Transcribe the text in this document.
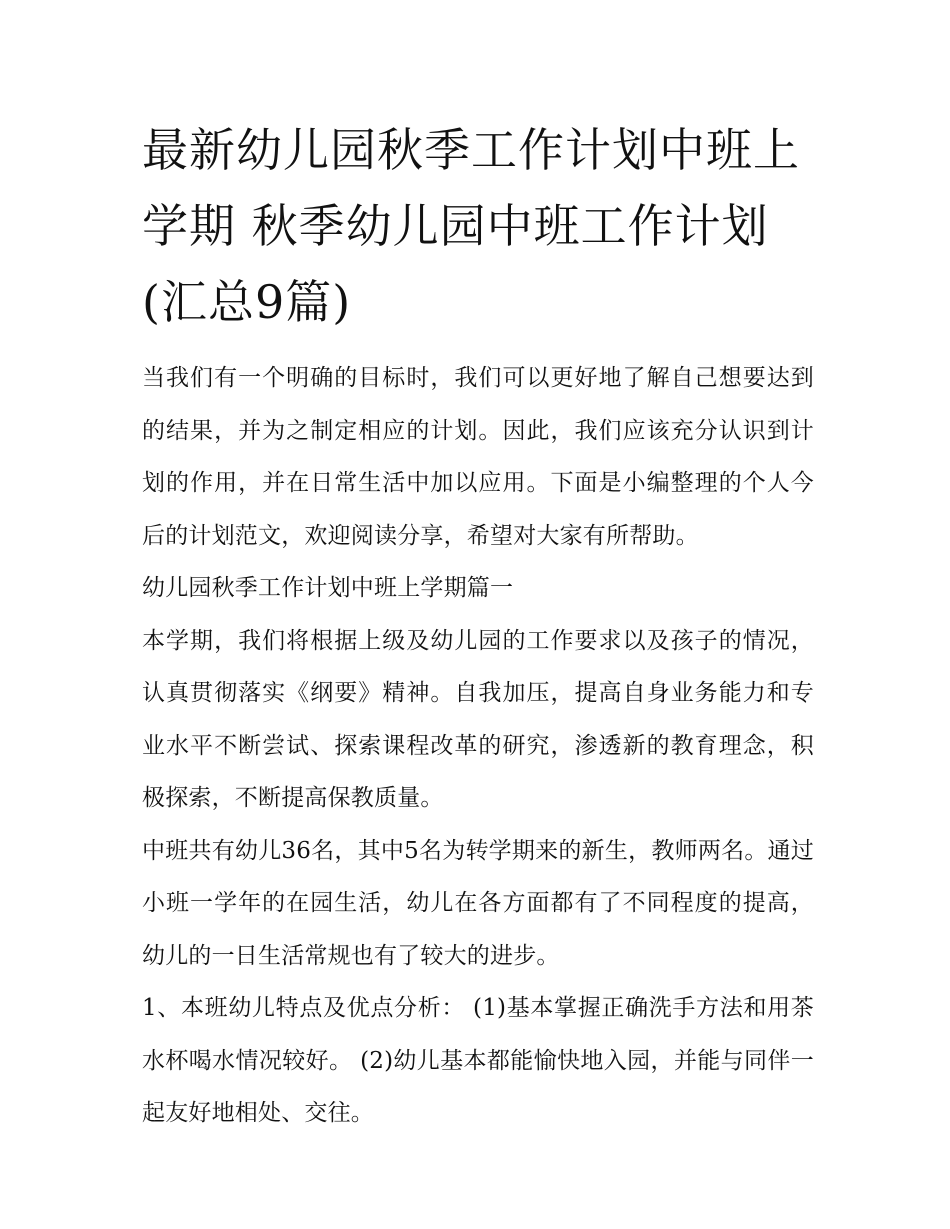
最新幼儿园秋季工作计划中班上学期 秋季幼儿园中班工作计划(汇总9篇)

当我们有一个明确的目标时，我们可以更好地了解自己想要达到的结果，并为之制定相应的计划。因此，我们应该充分认识到计划的作用，并在日常生活中加以应用。下面是小编整理的个人今后的计划范文，欢迎阅读分享，希望对大家有所帮助。

幼儿园秋季工作计划中班上学期篇一

本学期，我们将根据上级及幼儿园的工作要求以及孩子的情况，认真贯彻落实《纲要》精神。自我加压，提高自身业务能力和专业水平不断尝试、探索课程改革的研究，渗透新的教育理念，积极探索，不断提高保教质量。

中班共有幼儿36名，其中5名为转学期来的新生，教师两名。通过小班一学年的在园生活，幼儿在各方面都有了不同程度的提高，幼儿的一日生活常规也有了较大的进步。

1、本班幼儿特点及优点分析： (1)基本掌握正确洗手方法和用茶水杯喝水情况较好。 (2)幼儿基本都能愉快地入园，并能与同伴一起友好地相处、交往。
